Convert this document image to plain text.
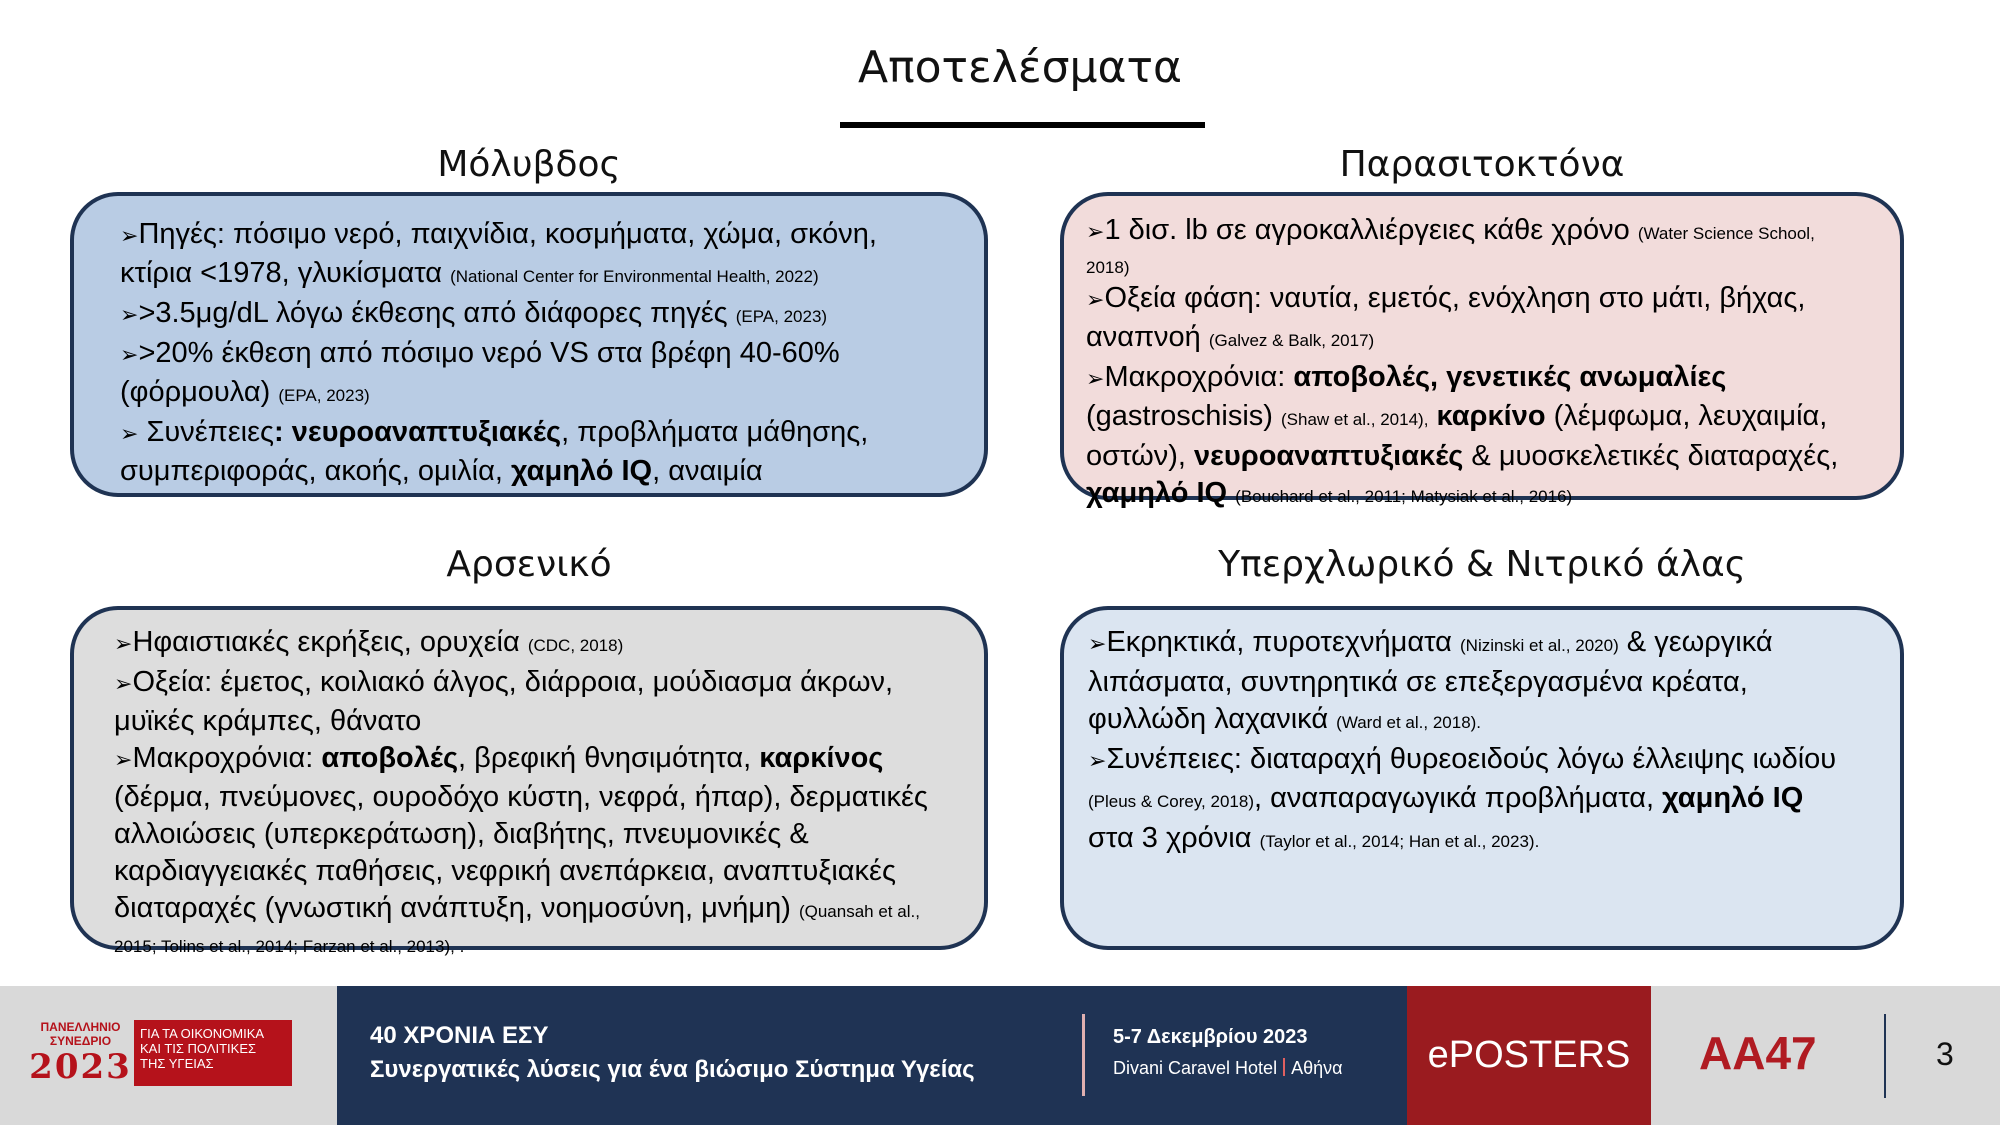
Αποτελέσματα
Μόλυβδος

➢Πηγές: πόσιμο νερό, παιχνίδια, κοσμήματα, χώμα, σκόνη,

κτίρια <1978, γλυκίσματα (National Center for Environmental Health, 2022)

➢>3.5μg/dL λόγω έκθεσης από διάφορες πηγές (EPA, 2023)

➢>20% έκθεση από πόσιμο νερό VS στα βρέφη 40-60%

(φόρμουλα) (EPA, 2023)

➢ Συνέπειες: νευροαναπτυξιακές, προβλήματα μάθησης,

συμπεριφοράς, ακοής, ομιλία, χαμηλό IQ, αναιμία

Παρασιτοκτόνα

➢1 δισ. lb σε αγροκαλλιέργειες κάθε χρόνο (Water Science School,

2018)

➢Οξεία φάση: ναυτία, εμετός, ενόχληση στο μάτι, βήχας,

αναπνοή (Galvez & Balk, 2017)

➢Μακροχρόνια: αποβολές, γενετικές ανωμαλίες

(gastroschisis) (Shaw et al., 2014), καρκίνο (λέμφωμα, λευχαιμία,

οστών), νευροαναπτυξιακές & μυοσκελετικές διαταραχές,

χαμηλό IQ (Bouchard et al., 2011; Matysiak et al., 2016)

Αρσενικό

➢Ηφαιστιακές εκρήξεις, ορυχεία (CDC, 2018)

➢Οξεία: έμετος, κοιλιακό άλγος, διάρροια, μούδιασμα άκρων,

μυϊκές κράμπες, θάνατο

➢Μακροχρόνια: αποβολές, βρεφική θνησιμότητα, καρκίνος

(δέρμα, πνεύμονες, ουροδόχο κύστη, νεφρά, ήπαρ), δερματικές

αλλοιώσεις (υπερκεράτωση), διαβήτης, πνευμονικές &

καρδιαγγειακές παθήσεις, νεφρική ανεπάρκεια, αναπτυξιακές

διαταραχές (γνωστική ανάπτυξη, νοημοσύνη, μνήμη) (Quansah et al.,

2015; Tolins et al., 2014; Farzan et al., 2013), .

Υπερχλωρικό & Νιτρικό άλας

➢Εκρηκτικά, πυροτεχνήματα (Nizinski et al., 2020) & γεωργικά

λιπάσματα, συντηρητικά σε επεξεργασμένα κρέατα,

φυλλώδη λαχανικά (Ward et al., 2018).

➢Συνέπειες: διαταραχή θυρεοειδούς λόγω έλλειψης ιωδίου

(Pleus & Corey, 2018), αναπαραγωγικά προβλήματα, χαμηλό IQ

στα 3 χρόνια (Taylor et al., 2014; Han et al., 2023).

ΠΑΝΕΛΛΗΝΙΟ
ΣΥΝΕΔΡΙΟ
2023
ΓΙΑ ΤΑ ΟΙΚΟΝΟΜΙΚΑ
ΚΑΙ ΤΙΣ ΠΟΛΙΤΙΚΕΣ
ΤΗΣ ΥΓΕΙΑΣ
40 ΧΡΟΝΙΑ ΕΣΥ
Συνεργατικές λύσεις για ένα βιώσιμο Σύστημα Υγείας
5-7 Δεκεμβρίου 2023
Divani Caravel Hotel Αθήνα	ePOSTERS	AA47	3
